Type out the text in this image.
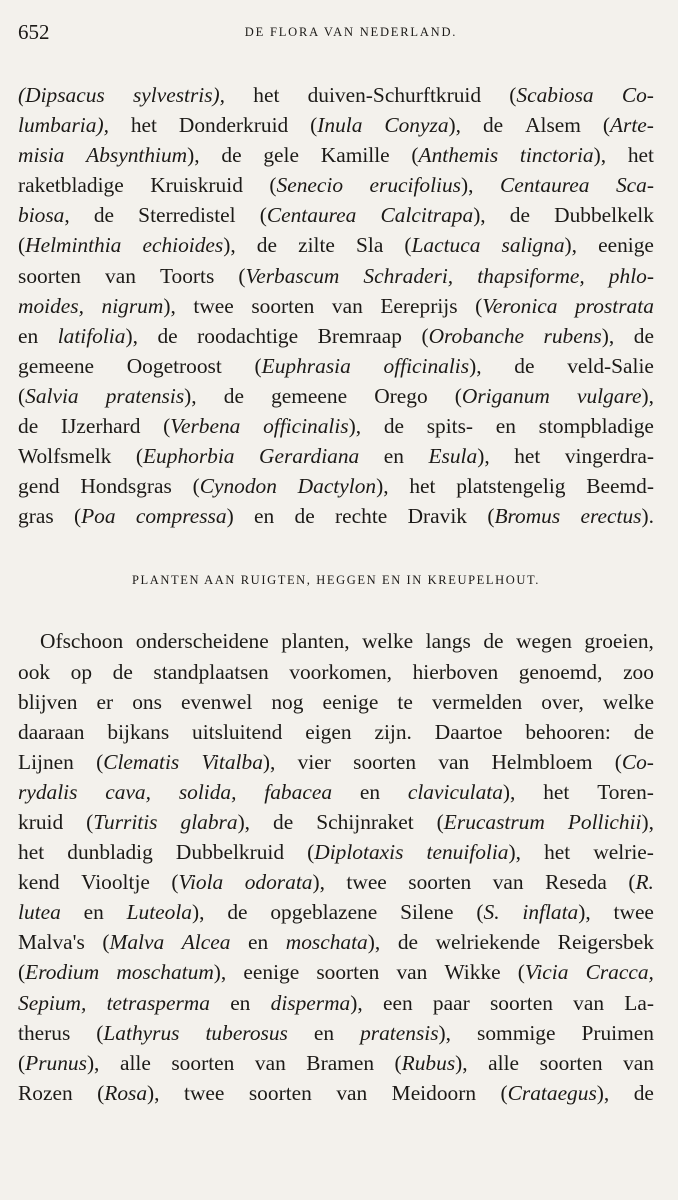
652	DE FLORA VAN NEDERLAND.
(Dipsacus sylvestris), het duiven-Schurftkruid (Scabiosa Co-
lumbaria), het Donderkruid (Inula Conyza), de Alsem (Arte-
misia Absynthium), de gele Kamille (Anthemis tinctoria), het
raketbladige Kruiskruid (Senecio erucifolius), Centaurea Sca-
biosa, de Sterredistel (Centaurea Calcitrapa), de Dubbelkelk
(Helminthia echioides), de zilte Sla (Lactuca saligna), eenige
soorten van Toorts (Verbascum Schraderi, thapsiforme, phlo-
moides, nigrum), twee soorten van Eereprijs (Veronica prostrata
en latifolia), de roodachtige Bremraap (Orobanche rubens), de
gemeene Oogetroost (Euphrasia officinalis), de veld-Salie
(Salvia pratensis), de gemeene Orego (Origanum vulgare),
de IJzerhard (Verbena officinalis), de spits- en stompbladige
Wolfsmelk (Euphorbia Gerardiana en Esula), het vingerdra-
gend Hondsgras (Cynodon Dactylon), het platstengelig Beemd-
gras (Poa compressa) en de rechte Dravik (Bromus erectus).
PLANTEN AAN RUIGTEN, HEGGEN EN IN KREUPELHOUT.
Ofschoon onderscheidene planten, welke langs de wegen groeien,
ook op de standplaatsen voorkomen, hierboven genoemd, zoo
blijven er ons evenwel nog eenige te vermelden over, welke
daaraan bijkans uitsluitend eigen zijn. Daartoe behooren: de
Lijnen (Clematis Vitalba), vier soorten van Helmbloem (Co-
rydalis cava, solida, fabacea en claviculata), het Toren-
kruid (Turritis glabra), de Schijnraket (Erucastrum Pollichii),
het dunbladig Dubbelkruid (Diplotaxis tenuifolia), het welrie-
kend Viooltje (Viola odorata), twee soorten van Reseda (R.
lutea en Luteola), de opgeblazene Silene (S. inflata), twee
Malva's (Malva Alcea en moschata), de welriekende Reigersbek
(Erodium moschatum), eenige soorten van Wikke (Vicia Cracca,
Sepium, tetrasperma en disperma), een paar soorten van La-
therus (Lathyrus tuberosus en pratensis), sommige Pruimen
(Prunus), alle soorten van Bramen (Rubus), alle soorten van
Rozen (Rosa), twee soorten van Meidoorn (Crataegus), de
